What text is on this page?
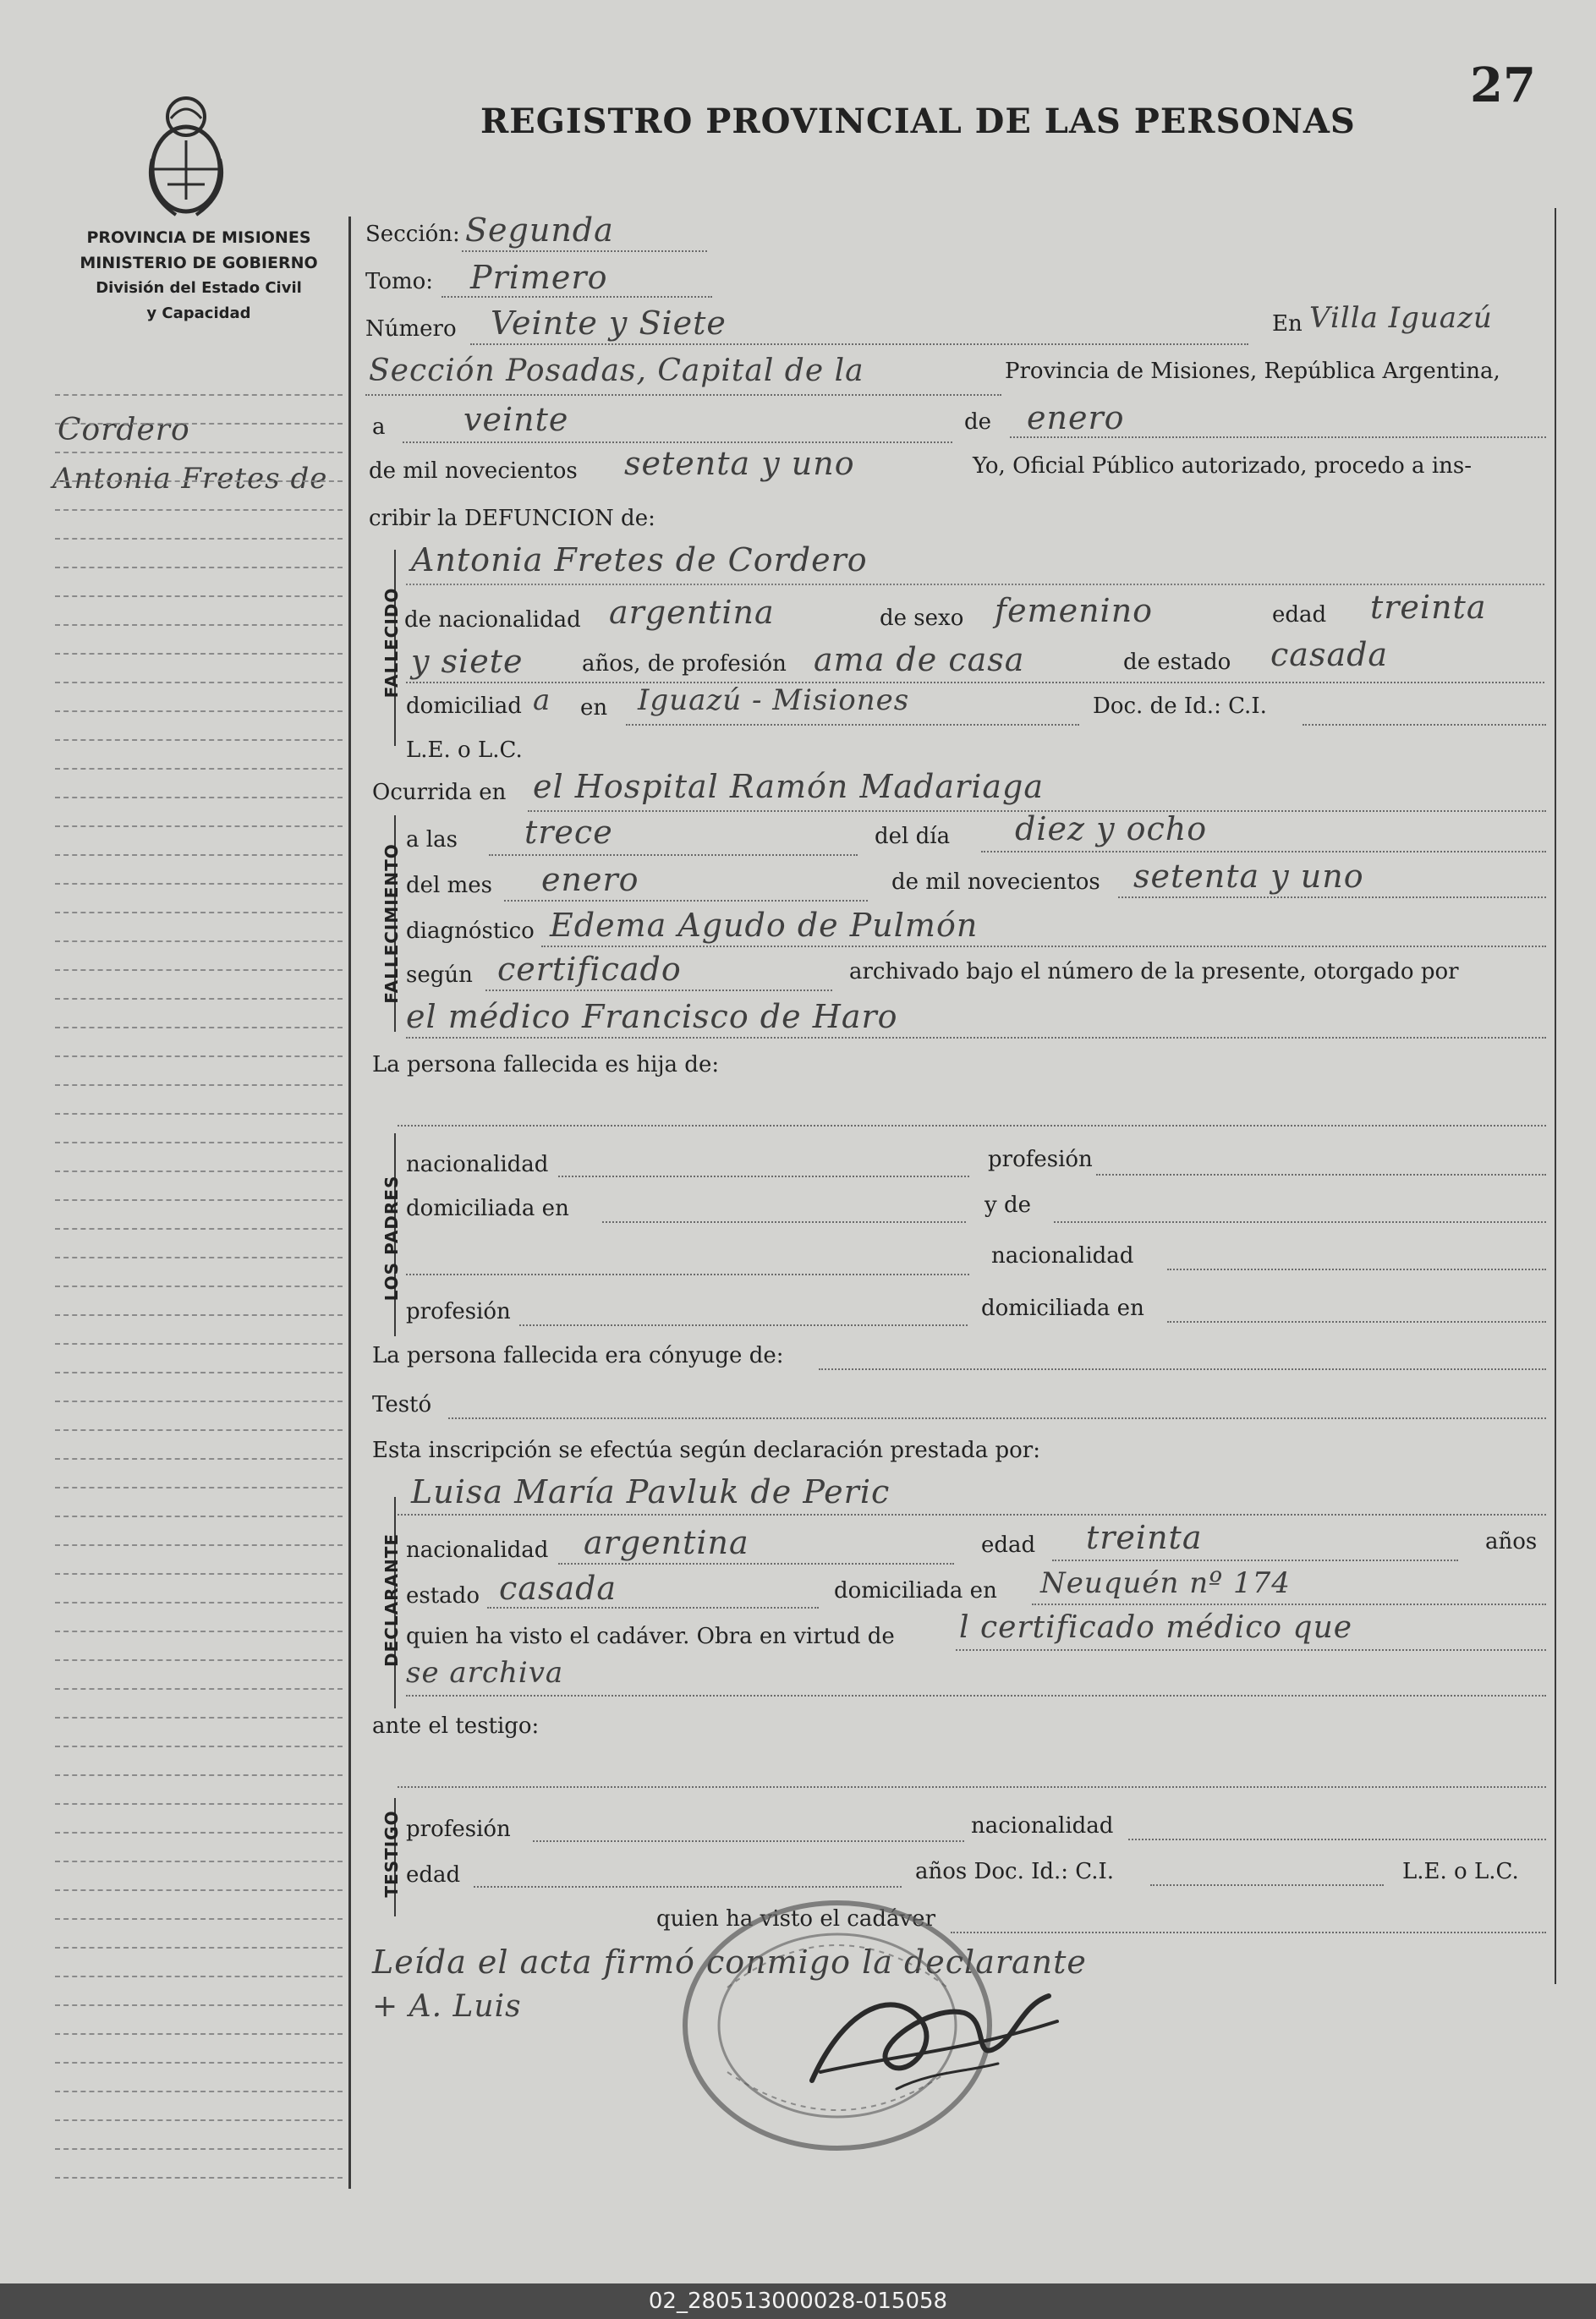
27
REGISTRO PROVINCIAL DE LAS PERSONAS
PROVINCIA DE MISIONES
MINISTERIO DE GOBIERNO
División del Estado Civil
y Capacidad
Cordero
Antonia Fretes de
Sección: Segunda
Tomo: Primero
Número Veinte y Siete	En Villa Iguazú
Sección Posadas, Capital de la	Provincia de Misiones, República Argentina,
a veinte	de enero
de mil novecientos setenta y uno	Yo, Oficial Público autorizado, procedo a ins-
cribir la DEFUNCION de:
FALLECIDO
Antonia Fretes de Cordero
de nacionalidad argentina	de sexo femenino	edad treinta
y siete	años, de profesión ama de casa	de estado casada
domiciliad a en Iguazú - Misiones	Doc. de Id.: C.I.
L.E. o L.C.
Ocurrida en el Hospital Ramón Madariaga
FALLECIMIENTO
a las trece	del día diez y ocho
del mes enero	de mil novecientos setenta y uno
diagnóstico Edema Agudo de Pulmón
según certificado	archivado bajo el número de la presente, otorgado por
el médico Francisco de Haro
La persona fallecida es hija de:
LOS PADRES
nacionalidad	profesión
domiciliada en	y de
nacionalidad
profesión	domiciliada en
La persona fallecida era cónyuge de:
Testó
Esta inscripción se efectúa según declaración prestada por:
Luisa María Pavluk de Peric
DECLARANTE nacionalidad argentina	edad treinta	años
estado casada	domiciliada en Neuquén nº 174
quien ha visto el cadáver. Obra en virtud de l certificado médico que
se archiva
ante el testigo:
TESTIGO profesión	nacionalidad
edad	años Doc. Id.: C.I.	L.E. o L.C.
quien ha visto el cadáver
Leída el acta firmó conmigo la declarante
+ A. Luis
02_280513000028-015058
